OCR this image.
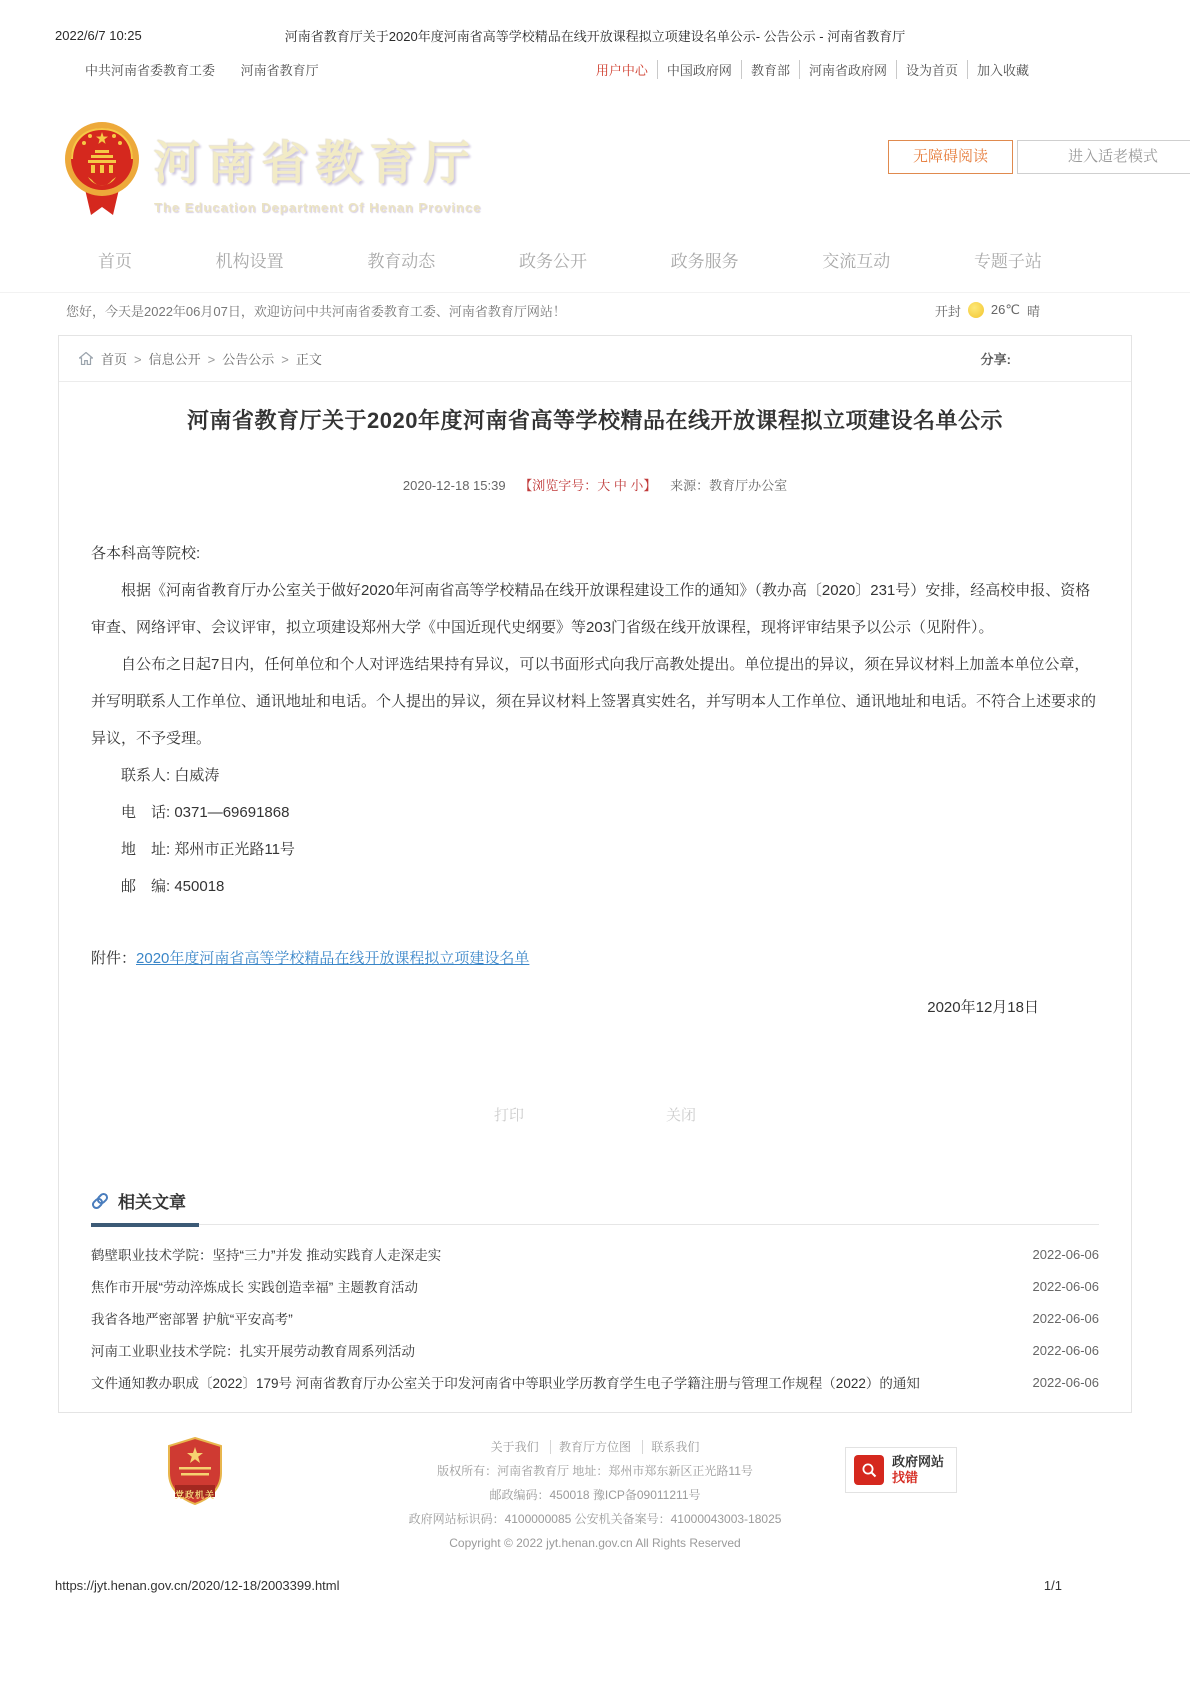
2022/6/7 10:25	河南省教育厅关于2020年度河南省高等学校精品在线开放课程拟立项建设名单公示- 公告公示 - 河南省教育厅
中共河南省委教育工委 河南省教育厅	用户中心	中国政府网	教育部	河南省政府网	设为首页	加入收藏
河南省教育厅
The Education Department Of Henan Province
无障碍阅读	进入适老模式
首页	机构设置	教育动态	政务公开	政务服务	交流互动	专题子站
您好，今天是2022年06月07日，欢迎访问中共河南省委教育工委、河南省教育厅网站！	开封 26℃ 晴
首页	> 信息公开	> 公告公示	> 正文	分享:
河南省教育厅关于2020年度河南省高等学校精品在线开放课程拟立项建设名单公示
2020-12-18 15:39 【浏览字号：大 中 小】 来源：教育厅办公室

各本科高等院校:

根据《河南省教育厅办公室关于做好2020年河南省高等学校精品在线开放课程建设工作的通知》（教办高〔2020〕231号）安排，经高校申报、资格审查、网络评审、会议评审，拟立项建设郑州大学《中国近现代史纲要》等203门省级在线开放课程，现将评审结果予以公示（见附件）。

自公布之日起7日内，任何单位和个人对评选结果持有异议，可以书面形式向我厅高教处提出。单位提出的异议，须在异议材料上加盖本单位公章，并写明联系人工作单位、通讯地址和电话。个人提出的异议，须在异议材料上签署真实姓名，并写明本人工作单位、通讯地址和电话。不符合上述要求的异议，不予受理。

联系人: 白威涛

电　话: 0371—69691868

地　址: 郑州市正光路11号

邮　编: 450018

附件：2020年度河南省高等学校精品在线开放课程拟立项建设名单

2020年12月18日

打印	关闭
相关文章
鹤壁职业技术学院：坚持“三力”并发 推动实践育人走深走实	2022-06-06
焦作市开展“劳动淬炼成长 实践创造幸福” 主题教育活动	2022-06-06
我省各地严密部署 护航“平安高考”	2022-06-06
河南工业职业技术学院：扎实开展劳动教育周系列活动	2022-06-06
文件通知教办职成〔2022〕179号 河南省教育厅办公室关于印发河南省中等职业学历教育学生电子学籍注册与管理工作规程（2022）的通知	2022-06-06
党政机关
关于我们 教育厅方位图 联系我们
版权所有：河南省教育厅 地址：郑州市郑东新区正光路11号
邮政编码：450018 豫ICP备09011211号
政府网站标识码：4100000085 公安机关备案号：41000043003-18025
Copyright © 2022 jyt.henan.gov.cn All Rights Reserved
政府网站
找错
https://jyt.henan.gov.cn/2020/12-18/2003399.html	1/1
